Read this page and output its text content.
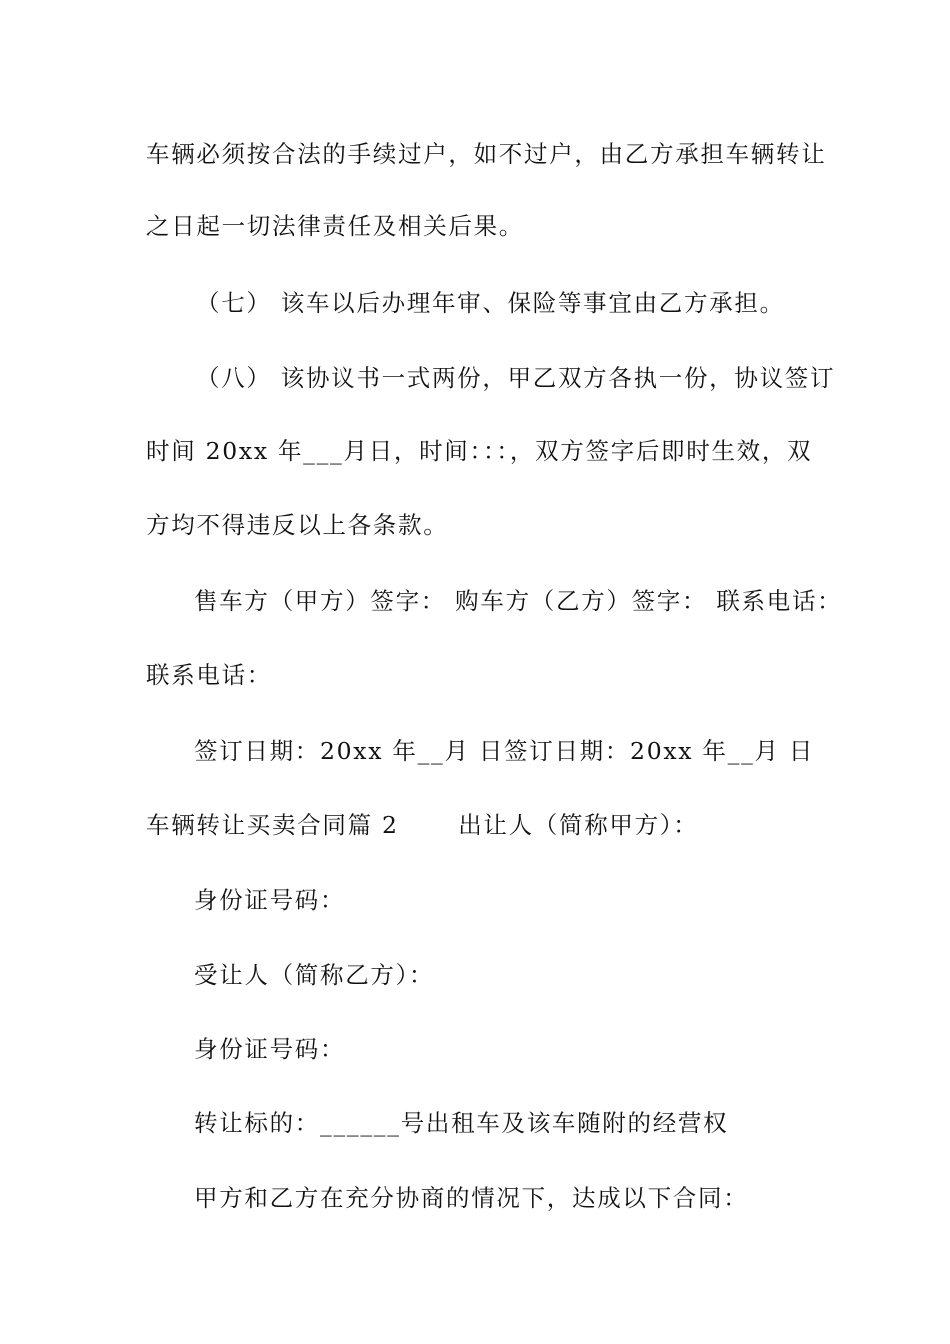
车辆必须按合法的手续过户，如不过户，由乙方承担车辆转让
之日起一切法律责任及相关后果。
（七） 该车以后办理年审、保险等事宜由乙方承担。
（八） 该协议书一式两份，甲乙双方各执一份，协议签订
时间 20xx 年___月日，时间：：：，双方签字后即时生效，双
方均不得违反以上各条款。
售车方（甲方）签字： 购车方（乙方）签字： 联系电话：
联系电话：
签订日期：20xx 年__月 日签订日期：20xx 年__月 日
车辆转让买卖合同篇 2　　 出让人（简称甲方）：
身份证号码：
受让人（简称乙方）：
身份证号码：
转让标的：______号出租车及该车随附的经营权
甲方和乙方在充分协商的情况下，达成以下合同：
